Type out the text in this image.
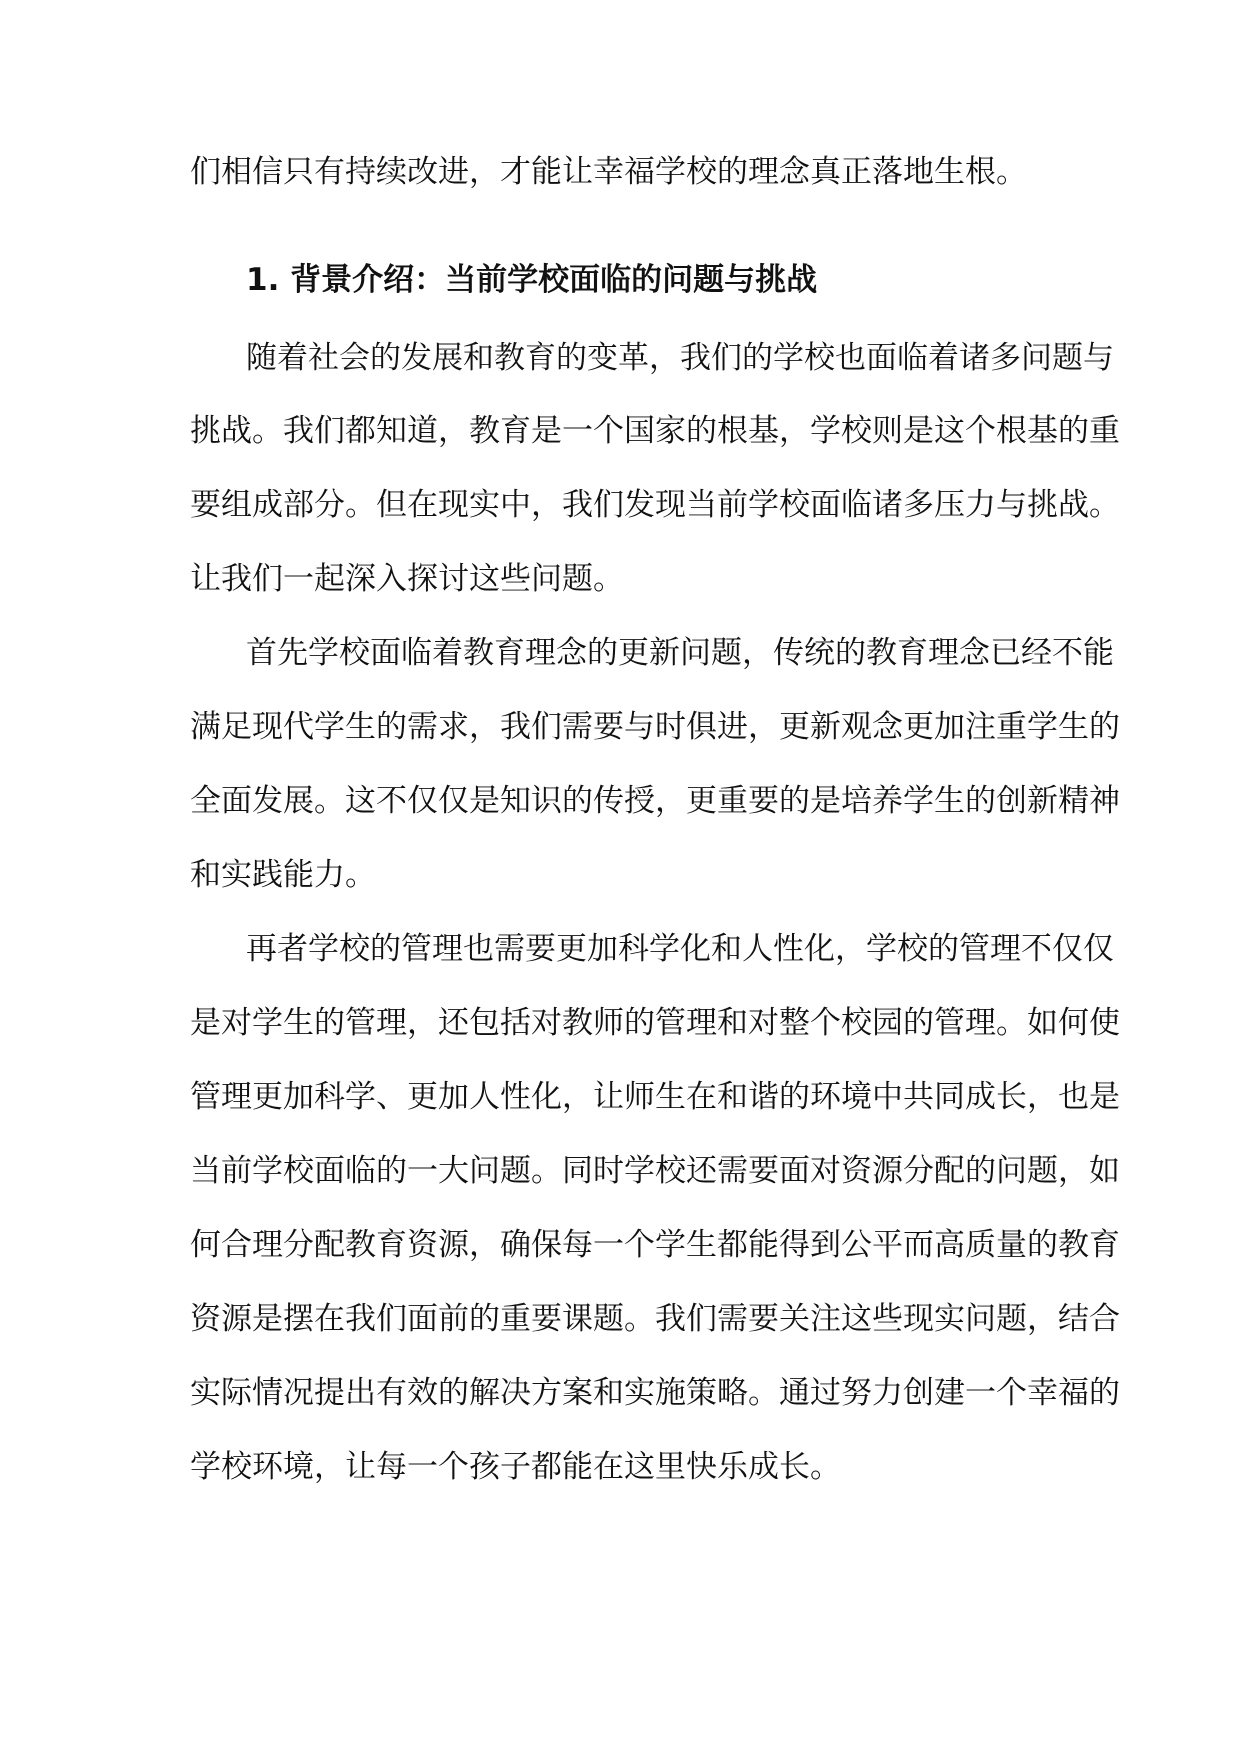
们相信只有持续改进，才能让幸福学校的理念真正落地生根。
1. 背景介绍：当前学校面临的问题与挑战
随着社会的发展和教育的变革，我们的学校也面临着诸多问题与
挑战。我们都知道，教育是一个国家的根基，学校则是这个根基的重
要组成部分。但在现实中，我们发现当前学校面临诸多压力与挑战。
让我们一起深入探讨这些问题。
首先学校面临着教育理念的更新问题，传统的教育理念已经不能
满足现代学生的需求，我们需要与时俱进，更新观念更加注重学生的
全面发展。这不仅仅是知识的传授，更重要的是培养学生的创新精神
和实践能力。
再者学校的管理也需要更加科学化和人性化，学校的管理不仅仅
是对学生的管理，还包括对教师的管理和对整个校园的管理。如何使
管理更加科学、更加人性化，让师生在和谐的环境中共同成长，也是
当前学校面临的一大问题。同时学校还需要面对资源分配的问题，如
何合理分配教育资源，确保每一个学生都能得到公平而高质量的教育
资源是摆在我们面前的重要课题。我们需要关注这些现实问题，结合
实际情况提出有效的解决方案和实施策略。通过努力创建一个幸福的
学校环境，让每一个孩子都能在这里快乐成长。
